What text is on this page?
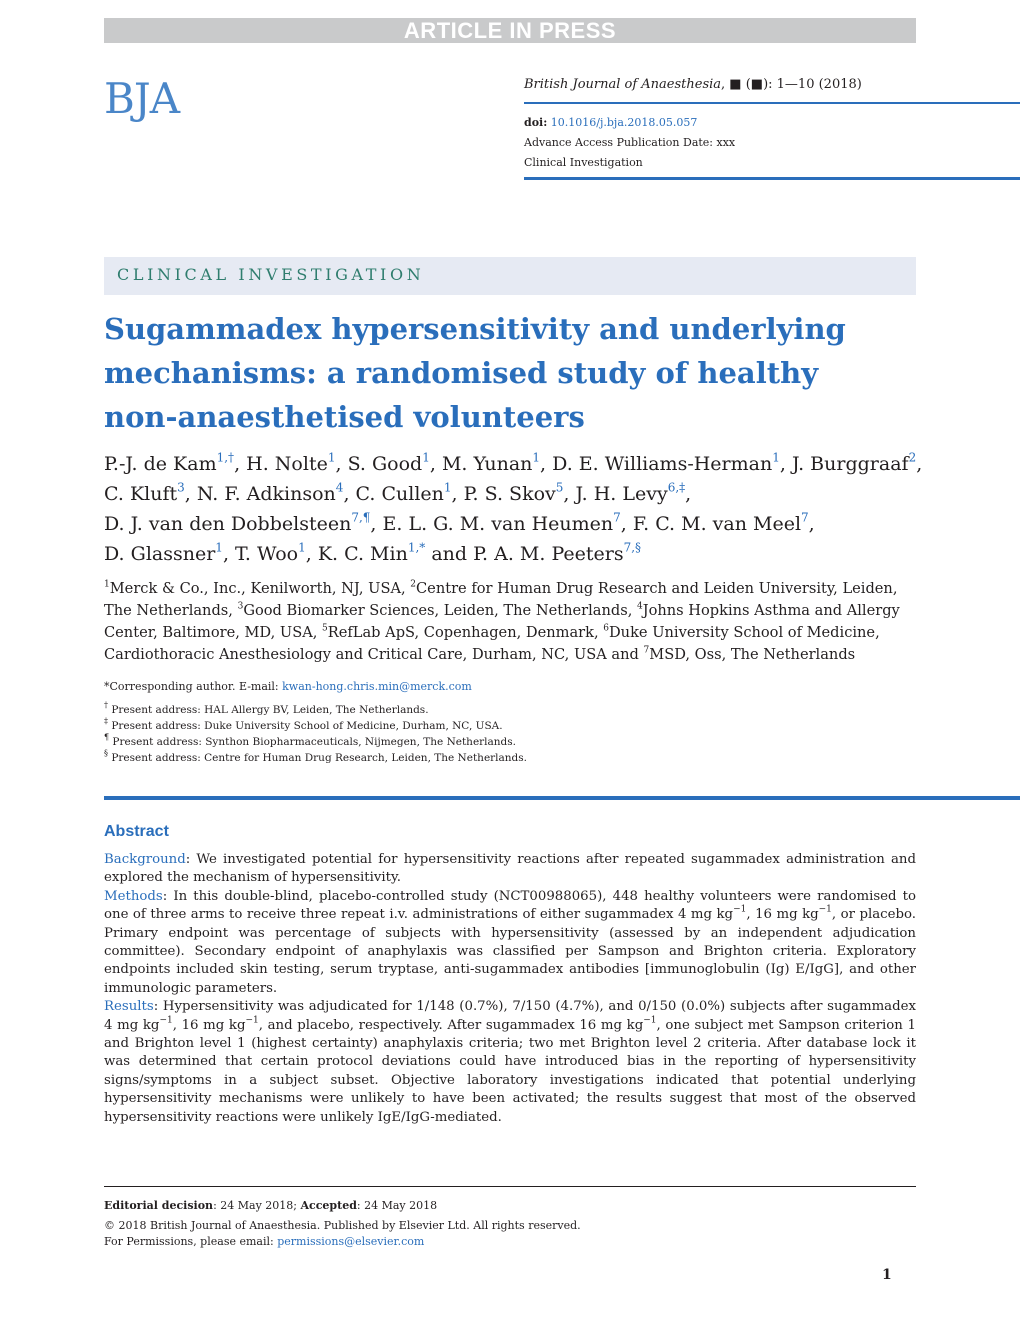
ARTICLE IN PRESS
BJA	British Journal of Anaesthesia, ■ (■): 1—10 (2018)
doi: 10.1016/j.bja.2018.05.057
Advance Access Publication Date: xxx
Clinical Investigation
CLINICAL INVESTIGATION
Sugammadex hypersensitivity and underlying
mechanisms: a randomised study of healthy
non-anaesthetised volunteers
P.-J. de Kam$^{1,\dagger}$, H. Nolte$^1$, S. Good$^1$, M. Yunan$^1$, D. E. Williams-Herman$^1$, J. Burggraaf$^2$, C. Kluft$^3$, N. F. Adkinson$^4$, C. Cullen$^1$, P. S. Skov$^5$, J. H. Levy$^{6,\ddagger}$, D. J. van den Dobbelsteen$^{7,\P}$, E. L. G. M. van Heumen$^7$, F. C. M. van Meel$^7$, D. Glassner$^1$, T. Woo$^1$, K. C. Min$^{1,*}$ and P. A. M. Peeters$^{7,\S}$
$^1$Merck & Co., Inc., Kenilworth, NJ, USA, $^2$Centre for Human Drug Research and Leiden University, Leiden, The Netherlands, $^3$Good Biomarker Sciences, Leiden, The Netherlands, $^4$Johns Hopkins Asthma and Allergy Center, Baltimore, MD, USA, $^5$RefLab ApS, Copenhagen, Denmark, $^6$Duke University School of Medicine, Cardiothoracic Anesthesiology and Critical Care, Durham, NC, USA and $^7$MSD, Oss, The Netherlands
*Corresponding author. E-mail: kwan-hong.chris.min@merck.com
† Present address: HAL Allergy BV, Leiden, The Netherlands.
‡ Present address: Duke University School of Medicine, Durham, NC, USA.
¶ Present address: Synthon Biopharmaceuticals, Nijmegen, The Netherlands.
§ Present address: Centre for Human Drug Research, Leiden, The Netherlands.
Abstract

Background: We investigated potential for hypersensitivity reactions after repeated sugammadex administration and explored the mechanism of hypersensitivity.

Methods: In this double-blind, placebo-controlled study (NCT00988065), 448 healthy volunteers were randomised to one of three arms to receive three repeat i.v. administrations of either sugammadex 4 mg $kg^{-1}$, 16 mg $kg^{-1}$, or placebo. Primary endpoint was percentage of subjects with hypersensitivity (assessed by an independent adjudication committee). Secondary endpoint of anaphylaxis was classified per Sampson and Brighton criteria. Exploratory endpoints included skin testing, serum tryptase, anti-sugammadex antibodies [immunoglobulin (Ig) E/IgG], and other immunologic parameters.

Results: Hypersensitivity was adjudicated for 1/148 (0.7%), 7/150 (4.7%), and 0/150 (0.0%) subjects after sugammadex 4 mg $kg^{-1}$, 16 mg $kg^{-1}$, and placebo, respectively. After sugammadex 16 mg $kg^{-1}$, one subject met Sampson criterion 1 and Brighton level 1 (highest certainty) anaphylaxis criteria; two met Brighton level 2 criteria. After database lock it was determined that certain protocol deviations could have introduced bias in the reporting of hypersensitivity signs/symptoms in a subject subset. Objective laboratory investigations indicated that potential underlying hypersensitivity mechanisms were unlikely to have been activated; the results suggest that most of the observed hypersensitivity reactions were unlikely IgE/IgG-mediated.

Editorial decision: 24 May 2018; Accepted: 24 May 2018
© 2018 British Journal of Anaesthesia. Published by Elsevier Ltd. All rights reserved.
For Permissions, please email: permissions@elsevier.com
1
